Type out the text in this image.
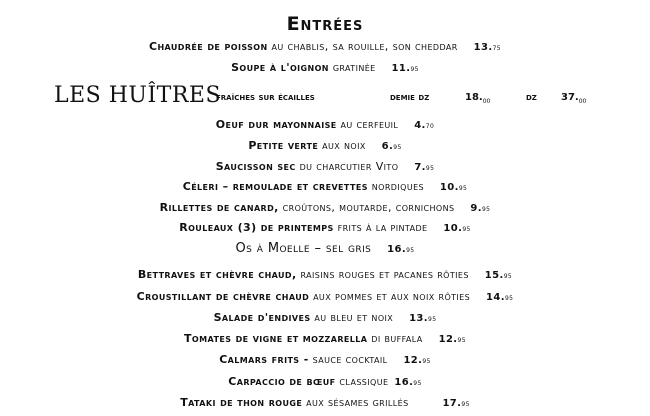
Entrées
Chaudrée de poisson au chablis, sa rouille, son cheddar 13.75
Soupe à l'oignon gratinée 11.95
LES HUÎTRES
fraîches sur écailles	demie dz	$18._{00}$	dz $37._{00}$
Oeuf dur mayonnaise au cerfeuil 4.70
Petite verte aux noix 6.95
Saucisson sec du charcutier Vito 7.95
Céleri – remoulade et crevettes nordiques 10.95
Rillettes de canard, croûtons, moutarde, cornichons 9.95
Rouleaux (3) de printemps frits à la pintade 10.95
Os à Moelle – sel gris 16.95
Bettraves et chèvre chaud, raisins rouges et pacanes rôties 15.95
Croustillant de chèvre chaud aux pommes et aux noix rôties 14.95
Salade d'endives au bleu et noix 13.95
Tomates de vigne et mozzarella di buffala 12.95
Calmars frits - sauce cocktail 12.95
Carpaccio de bœuf classique 16.95
Tataki de thon rouge aux sésames grillés	17.95
